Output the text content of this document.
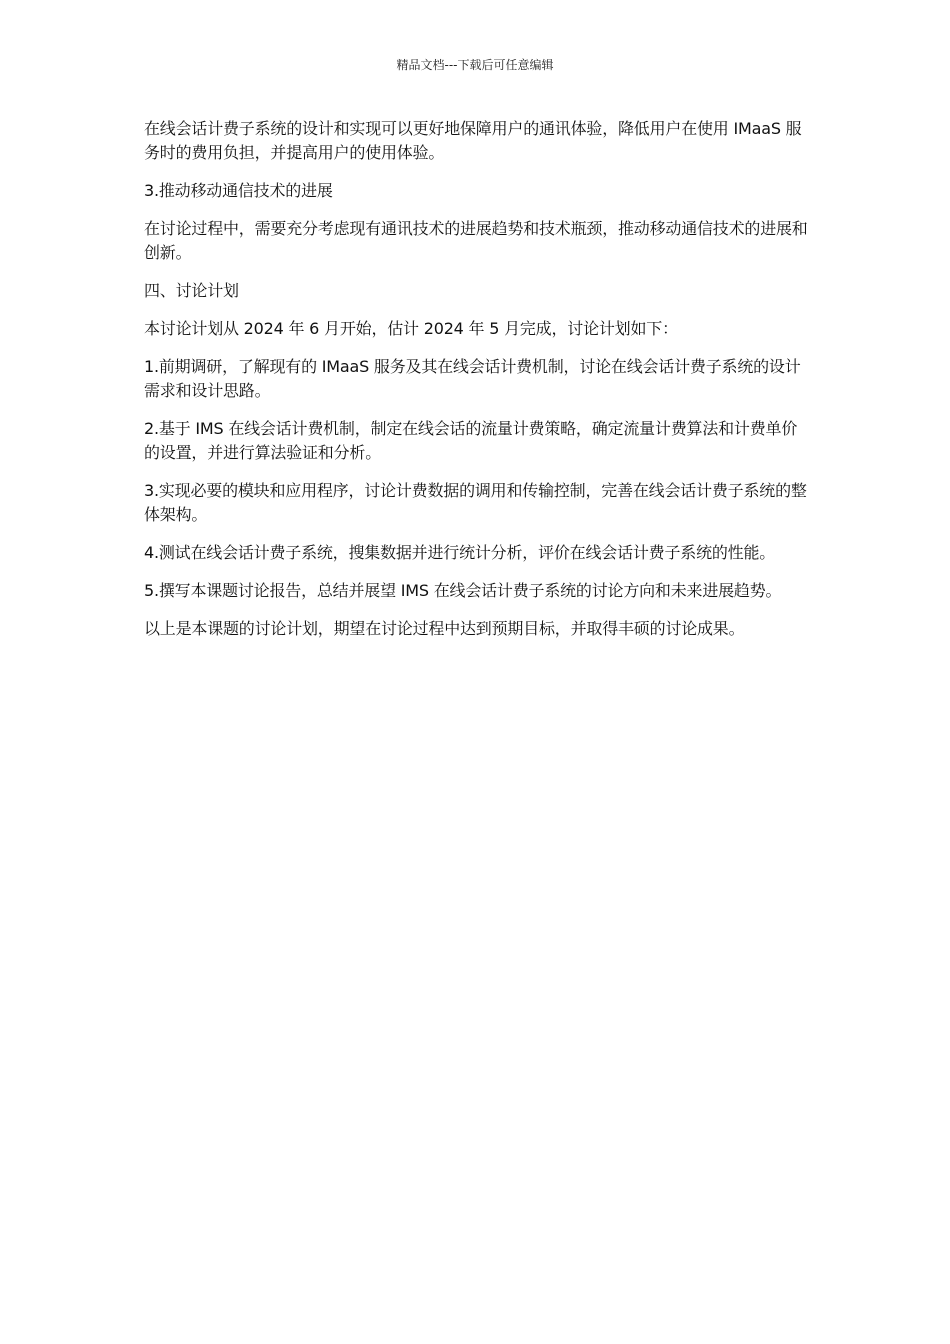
精品文档---下载后可任意编辑

在线会话计费子系统的设计和实现可以更好地保障用户的通讯体验，降低用户在使用 IMaaS 服务时的费用负担，并提高用户的使用体验。

3.推动移动通信技术的进展

在讨论过程中，需要充分考虑现有通讯技术的进展趋势和技术瓶颈，推动移动通信技术的进展和创新。

四、讨论计划

本讨论计划从 2024 年 6 月开始，估计 2024 年 5 月完成，讨论计划如下：

1.前期调研，了解现有的 IMaaS 服务及其在线会话计费机制，讨论在线会话计费子系统的设计需求和设计思路。

2.基于 IMS 在线会话计费机制，制定在线会话的流量计费策略，确定流量计费算法和计费单价的设置，并进行算法验证和分析。

3.实现必要的模块和应用程序，讨论计费数据的调用和传输控制，完善在线会话计费子系统的整体架构。

4.测试在线会话计费子系统，搜集数据并进行统计分析，评价在线会话计费子系统的性能。

5.撰写本课题讨论报告，总结并展望 IMS 在线会话计费子系统的讨论方向和未来进展趋势。

以上是本课题的讨论计划，期望在讨论过程中达到预期目标，并取得丰硕的讨论成果。
